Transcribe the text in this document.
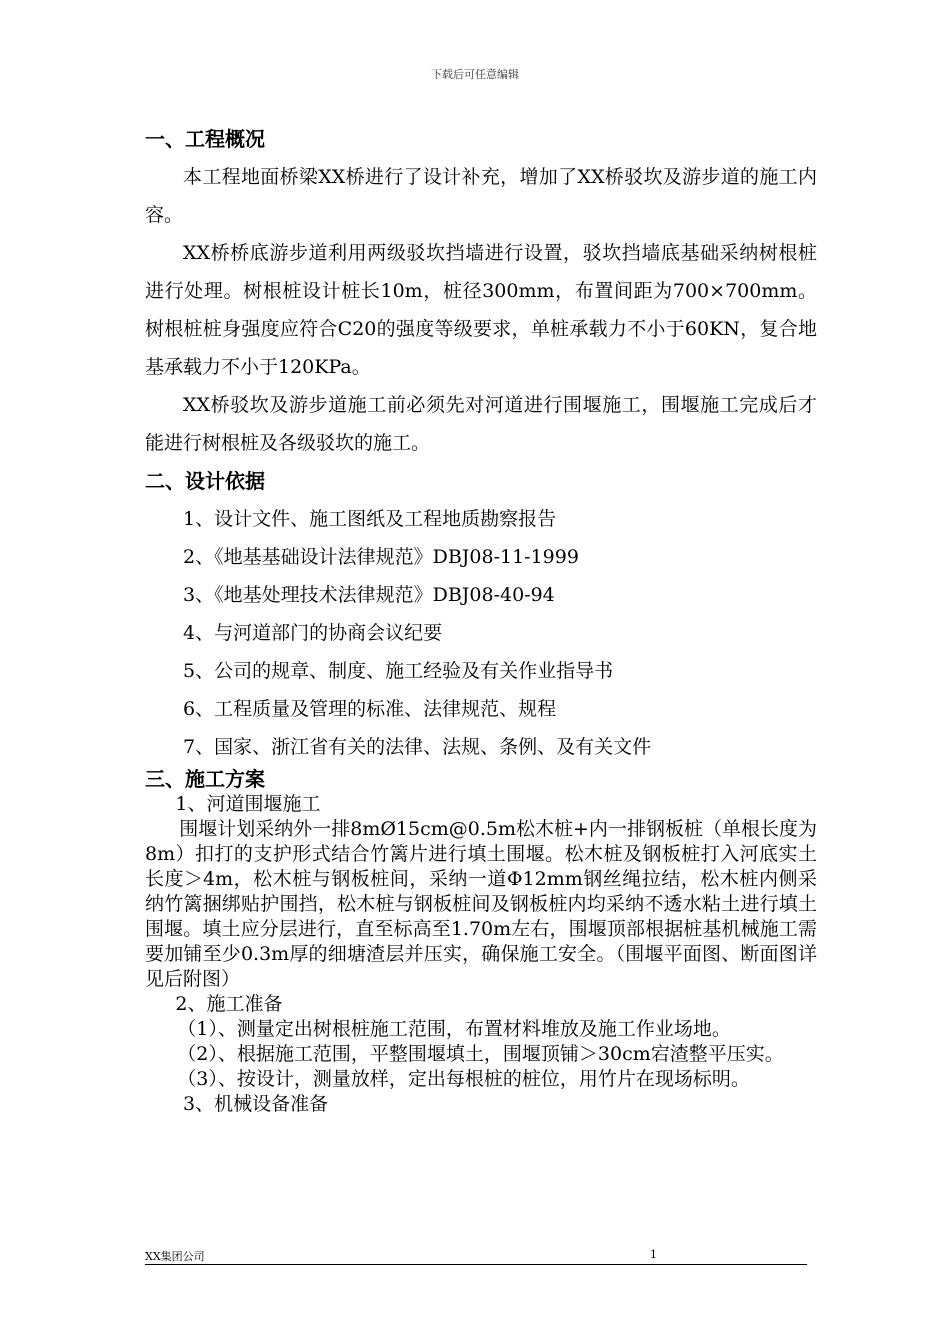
下载后可任意编辑
一、工程概况

本工程地面桥梁XX桥进行了设计补充，增加了XX桥驳坎及游步道的施工内容。

XX桥桥底游步道利用两级驳坎挡墙进行设置，驳坎挡墙底基础采纳树根桩进行处理。树根桩设计桩长10m，桩径300mm，布置间距为700×700mm。树根桩桩身强度应符合C20的强度等级要求，单桩承载力不小于60KN，复合地基承载力不小于120KPa。

XX桥驳坎及游步道施工前必须先对河道进行围堰施工，围堰施工完成后才能进行树根桩及各级驳坎的施工。

二、设计依据
1、设计文件、施工图纸及工程地质勘察报告
2、《地基基础设计法律规范》DBJ08-11-1999
3、《地基处理技术法律规范》DBJ08-40-94
4、与河道部门的协商会议纪要
5、公司的规章、制度、施工经验及有关作业指导书
6、工程质量及管理的标准、法律规范、规程
7、国家、浙江省有关的法律、法规、条例、及有关文件
三、施工方案
1、河道围堰施工

围堰计划采纳外一排8mØ15cm@0.5m松木桩+内一排钢板桩（单根长度为8m）扣打的支护形式结合竹篱片进行填土围堰。松木桩及钢板桩打入河底实土长度＞4m，松木桩与钢板桩间，采纳一道Φ12mm钢丝绳拉结，松木桩内侧采纳竹篱捆绑贴护围挡，松木桩与钢板桩间及钢板桩内均采纳不透水粘土进行填土围堰。填土应分层进行，直至标高至1.70m左右，围堰顶部根据桩基机械施工需要加铺至少0.3m厚的细塘渣层并压实，确保施工安全。（围堰平面图、断面图详见后附图）

2、施工准备

（1）、测量定出树根桩施工范围，布置材料堆放及施工作业场地。

（2）、根据施工范围，平整围堰填土，围堰顶铺＞30cm宕渣整平压实。

（3）、按设计，测量放样，定出每根桩的桩位，用竹片在现场标明。

3、机械设备准备
XX集团公司	1
